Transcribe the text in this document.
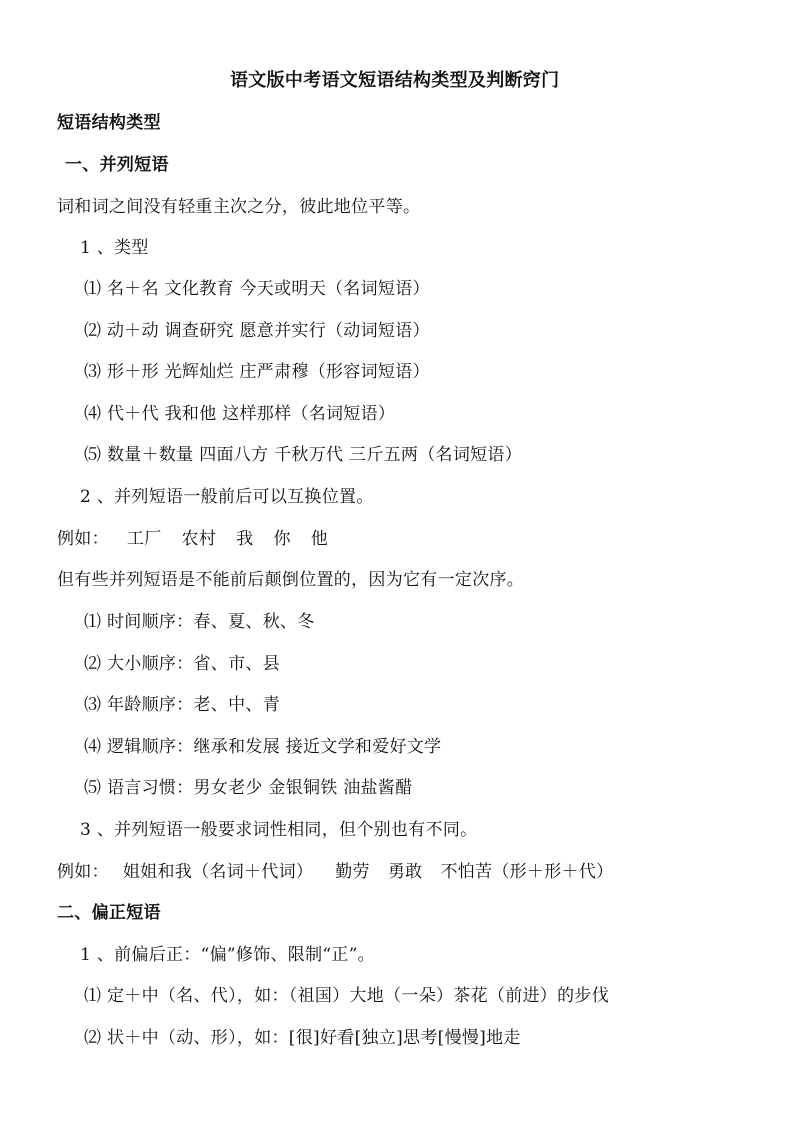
语文版中考语文短语结构类型及判断窍门
短语结构类型
一、并列短语
词和词之间没有轻重主次之分，彼此地位平等。
1 、类型
⑴ 名＋名 文化教育 今天或明天（名词短语）
⑵ 动＋动 调查研究 愿意并实行（动词短语）
⑶ 形＋形 光辉灿烂 庄严肃穆（形容词短语）
⑷ 代＋代 我和他 这样那样（名词短语）
⑸ 数量＋数量 四面八方 千秋万代 三斤五两（名词短语）
2 、并列短语一般前后可以互换位置。
例如： 工厂 农村 我 你 他
但有些并列短语是不能前后颠倒位置的，因为它有一定次序。
⑴ 时间顺序：春、夏、秋、冬
⑵ 大小顺序：省、市、县
⑶ 年龄顺序：老、中、青
⑷ 逻辑顺序：继承和发展 接近文学和爱好文学
⑸ 语言习惯：男女老少 金银铜铁 油盐酱醋
3 、并列短语一般要求词性相同，但个别也有不同。
例如： 姐姐和我（名词＋代词） 勤劳 勇敢 不怕苦（形＋形＋代）
二、偏正短语
1 、前偏后正：“偏”修饰、限制“正”。
⑴ 定＋中（名、代），如：（祖国）大地（一朵）茶花（前进）的步伐
⑵ 状＋中（动、形），如：[很]好看[独立]思考[慢慢]地走
